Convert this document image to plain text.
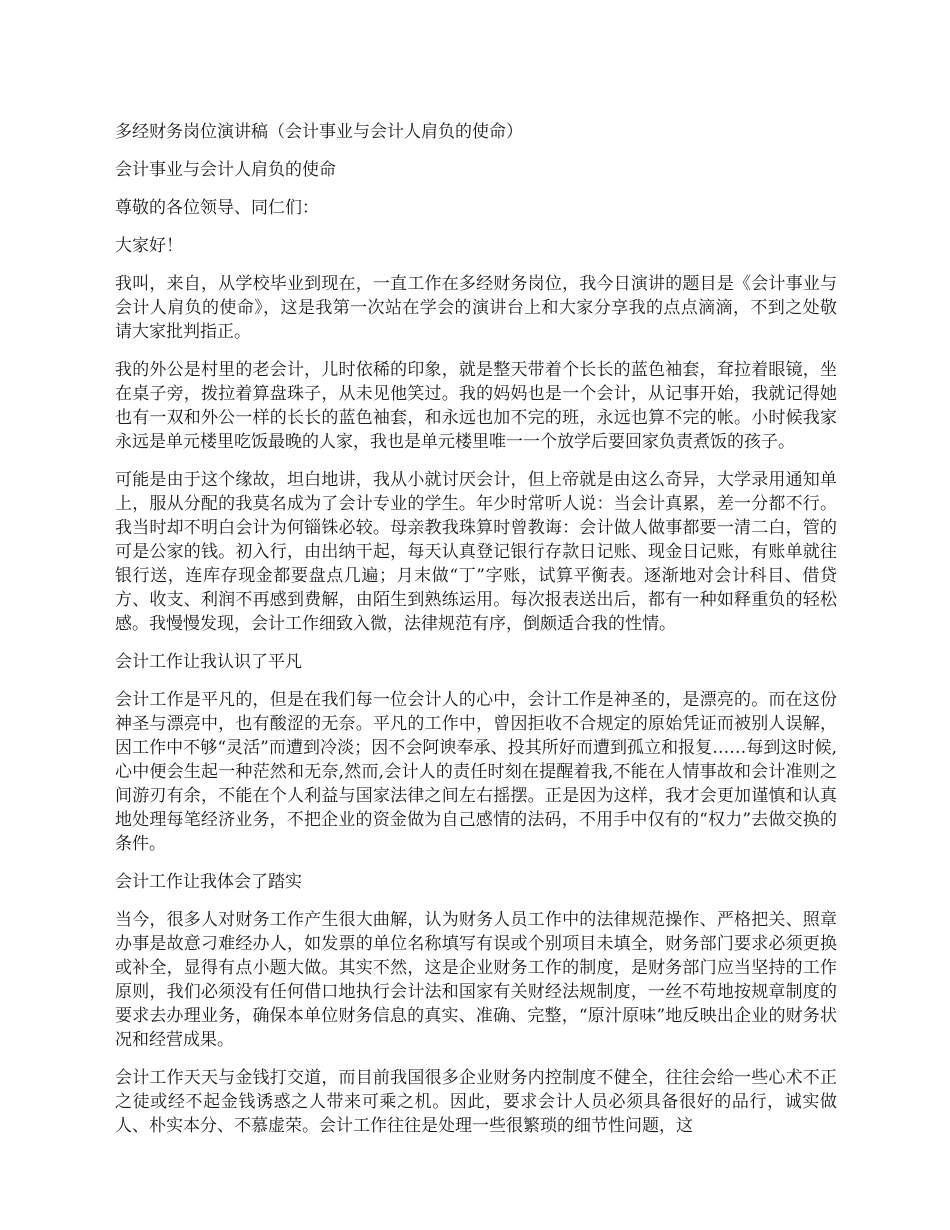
多经财务岗位演讲稿（会计事业与会计人肩负的使命）

会计事业与会计人肩负的使命

尊敬的各位领导、同仁们：

大家好！

我叫，来自，从学校毕业到现在，一直工作在多经财务岗位，我今日演讲的题目是《会计事业与会计人肩负的使命》，这是我第一次站在学会的演讲台上和大家分享我的点点滴滴，不到之处敬请大家批判指正。

我的外公是村里的老会计，儿时依稀的印象，就是整天带着个长长的蓝色袖套，耷拉着眼镜，坐在桌子旁，拨拉着算盘珠子，从未见他笑过。我的妈妈也是一个会计，从记事开始，我就记得她也有一双和外公一样的长长的蓝色袖套，和永远也加不完的班，永远也算不完的帐。小时候我家永远是单元楼里吃饭最晚的人家，我也是单元楼里唯一一个放学后要回家负责煮饭的孩子。

可能是由于这个缘故，坦白地讲，我从小就讨厌会计，但上帝就是由这么奇异，大学录用通知单上，服从分配的我莫名成为了会计专业的学生。年少时常听人说：当会计真累，差一分都不行。我当时却不明白会计为何锱铢必较。母亲教我珠算时曾教诲：会计做人做事都要一清二白，管的可是公家的钱。初入行，由出纳干起，每天认真登记银行存款日记账、现金日记账，有账单就往银行送，连库存现金都要盘点几遍；月末做“丁”字账，试算平衡表。逐渐地对会计科目、借贷方、收支、利润不再感到费解，由陌生到熟练运用。每次报表送出后，都有一种如释重负的轻松感。我慢慢发现，会计工作细致入微，法律规范有序，倒颇适合我的性情。

会计工作让我认识了平凡

会计工作是平凡的，但是在我们每一位会计人的心中，会计工作是神圣的，是漂亮的。而在这份神圣与漂亮中，也有酸涩的无奈。平凡的工作中，曾因拒收不合规定的原始凭证而被别人误解，因工作中不够“灵活”而遭到冷淡；因不会阿谀奉承、投其所好而遭到孤立和报复……每到这时候,心中便会生起一种茫然和无奈,然而,会计人的责任时刻在提醒着我,不能在人情事故和会计准则之间游刃有余，不能在个人利益与国家法律之间左右摇摆。正是因为这样，我才会更加谨慎和认真地处理每笔经济业务，不把企业的资金做为自己感情的法码，不用手中仅有的“权力”去做交换的条件。

会计工作让我体会了踏实

当今，很多人对财务工作产生很大曲解，认为财务人员工作中的法律规范操作、严格把关、照章办事是故意刁难经办人，如发票的单位名称填写有误或个别项目未填全，财务部门要求必须更换或补全，显得有点小题大做。其实不然，这是企业财务工作的制度，是财务部门应当坚持的工作原则，我们必须没有任何借口地执行会计法和国家有关财经法规制度，一丝不苟地按规章制度的要求去办理业务，确保本单位财务信息的真实、准确、完整，“原汁原味”地反映出企业的财务状况和经营成果。

会计工作天天与金钱打交道，而目前我国很多企业财务内控制度不健全，往往会给一些心术不正之徒或经不起金钱诱惑之人带来可乘之机。因此，要求会计人员必须具备很好的品行，诚实做人、朴实本分、不慕虚荣。会计工作往往是处理一些很繁琐的细节性问题，这
